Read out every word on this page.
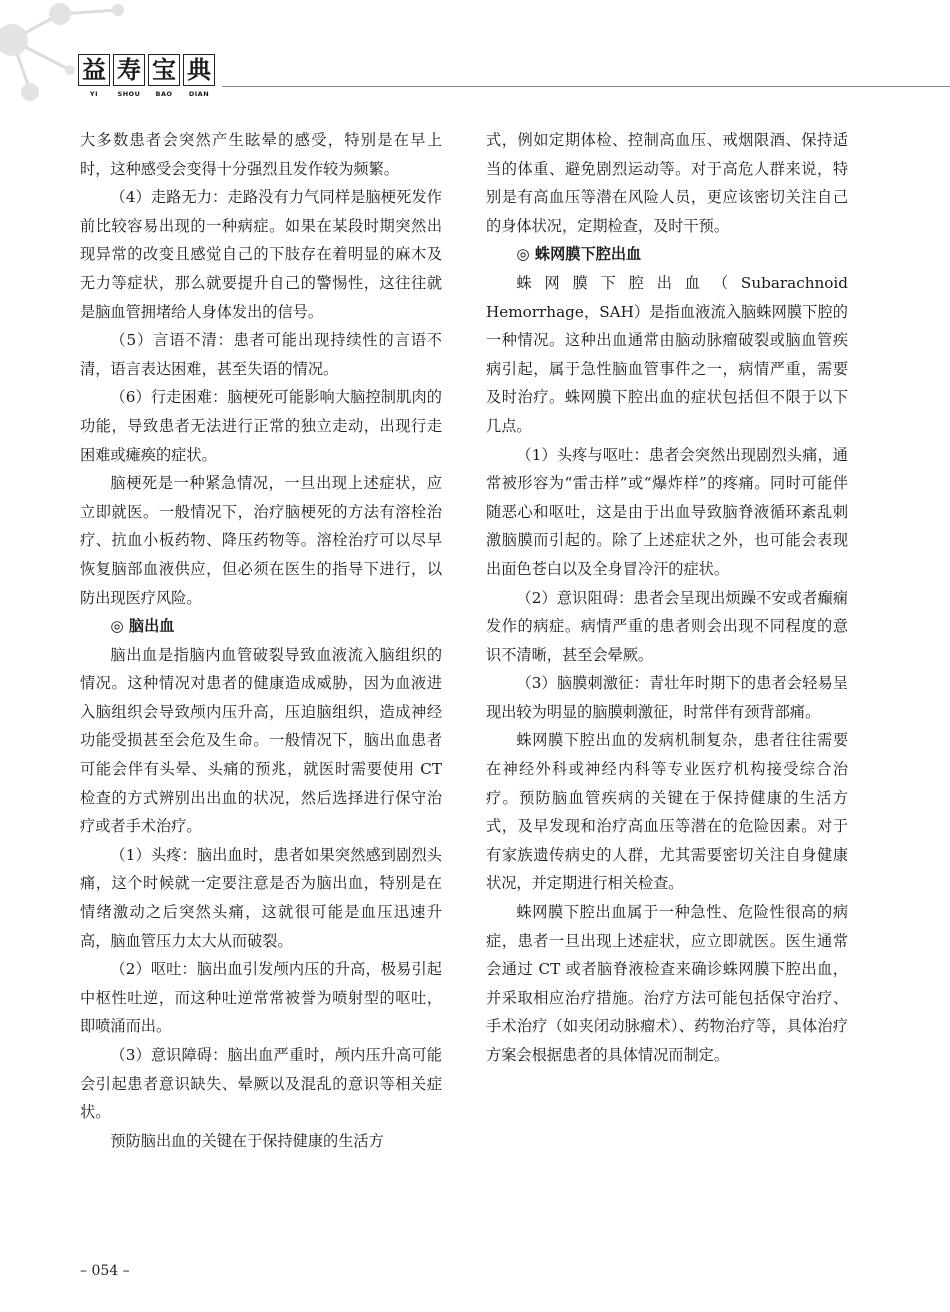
益 寿 宝 典
YI	SHOU	BAO	DIAN

大多数患者会突然产生眩晕的感受，特别是在早上时，这种感受会变得十分强烈且发作较为频繁。

（4）走路无力：走路没有力气同样是脑梗死发作前比较容易出现的一种病症。如果在某段时期突然出现异常的改变且感觉自己的下肢存在着明显的麻木及无力等症状，那么就要提升自己的警惕性，这往往就是脑血管拥堵给人身体发出的信号。

（5）言语不清：患者可能出现持续性的言语不清，语言表达困难，甚至失语的情况。

（6）行走困难：脑梗死可能影响大脑控制肌肉的功能，导致患者无法进行正常的独立走动，出现行走困难或瘫痪的症状。

脑梗死是一种紧急情况，一旦出现上述症状，应立即就医。一般情况下，治疗脑梗死的方法有溶栓治疗、抗血小板药物、降压药物等。溶栓治疗可以尽早恢复脑部血液供应，但必须在医生的指导下进行，以防出现医疗风险。

◎ 脑出血

脑出血是指脑内血管破裂导致血液流入脑组织的情况。这种情况对患者的健康造成威胁，因为血液进入脑组织会导致颅内压升高，压迫脑组织，造成神经功能受损甚至会危及生命。一般情况下，脑出血患者可能会伴有头晕、头痛的预兆，就医时需要使用 CT 检查的方式辨别出出血的状况，然后选择进行保守治疗或者手术治疗。

（1）头疼：脑出血时，患者如果突然感到剧烈头痛，这个时候就一定要注意是否为脑出血，特别是在情绪激动之后突然头痛，这就很可能是血压迅速升高，脑血管压力太大从而破裂。

（2）呕吐：脑出血引发颅内压的升高，极易引起中枢性吐逆，而这种吐逆常常被誉为喷射型的呕吐，即喷涌而出。

（3）意识障碍：脑出血严重时，颅内压升高可能会引起患者意识缺失、晕厥以及混乱的意识等相关症状。

预防脑出血的关键在于保持健康的生活方

式，例如定期体检、控制高血压、戒烟限酒、保持适当的体重、避免剧烈运动等。对于高危人群来说，特别是有高血压等潜在风险人员，更应该密切关注自己的身体状况，定期检查，及时干预。

◎ 蛛网膜下腔出血

蛛网膜下腔出血（Subarachnoid Hemorrhage，SAH）是指血液流入脑蛛网膜下腔的一种情况。这种出血通常由脑动脉瘤破裂或脑血管疾病引起，属于急性脑血管事件之一，病情严重，需要及时治疗。蛛网膜下腔出血的症状包括但不限于以下几点。

（1）头疼与呕吐：患者会突然出现剧烈头痛，通常被形容为“雷击样”或“爆炸样”的疼痛。同时可能伴随恶心和呕吐，这是由于出血导致脑脊液循环紊乱刺激脑膜而引起的。除了上述症状之外，也可能会表现出面色苍白以及全身冒冷汗的症状。

（2）意识阻碍：患者会呈现出烦躁不安或者癫痫发作的病症。病情严重的患者则会出现不同程度的意识不清晰，甚至会晕厥。

（3）脑膜刺激征：青壮年时期下的患者会轻易呈现出较为明显的脑膜刺激征，时常伴有颈背部痛。

蛛网膜下腔出血的发病机制复杂，患者往往需要在神经外科或神经内科等专业医疗机构接受综合治疗。预防脑血管疾病的关键在于保持健康的生活方式，及早发现和治疗高血压等潜在的危险因素。对于有家族遗传病史的人群，尤其需要密切关注自身健康状况，并定期进行相关检查。

蛛网膜下腔出血属于一种急性、危险性很高的病症，患者一旦出现上述症状，应立即就医。医生通常会通过 CT 或者脑脊液检查来确诊蛛网膜下腔出血，并采取相应治疗措施。治疗方法可能包括保守治疗、手术治疗（如夹闭动脉瘤术）、药物治疗等，具体治疗方案会根据患者的具体情况而制定。

– 054 –
